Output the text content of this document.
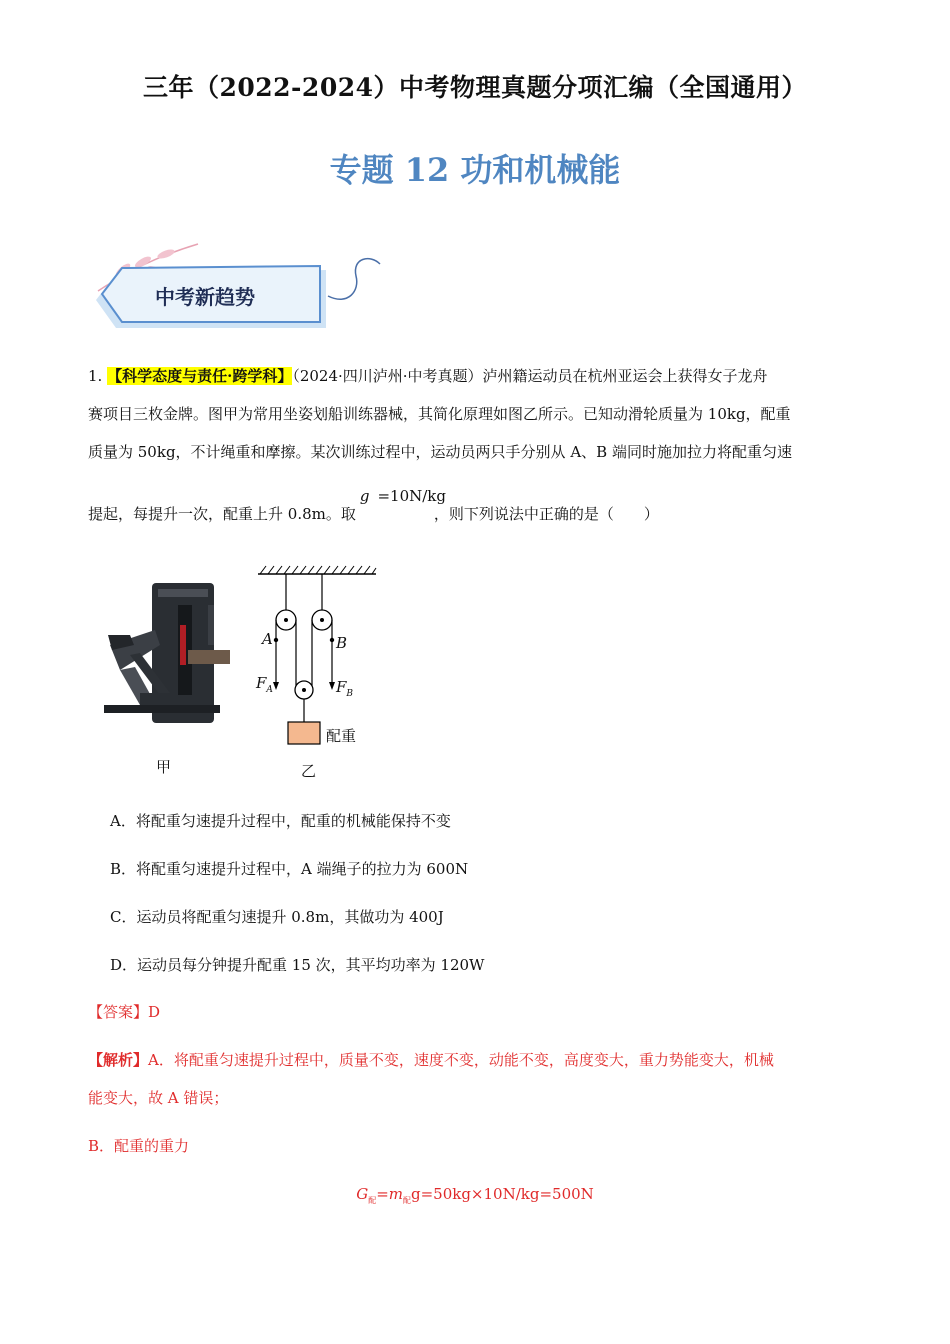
三年（2022-2024）中考物理真题分项汇编（全国通用）
专题 12 功和机械能
中考新趋势
1. 【科学态度与责任·跨学科】（2024·四川泸州·中考真题）泸州籍运动员在杭州亚运会上获得女子龙舟
赛项目三枚金牌。图甲为常用坐姿划船训练器械，其简化原理如图乙所示。已知动滑轮质量为 10kg，配重
质量为 50kg，不计绳重和摩擦。某次训练过程中，运动员两只手分别从 A、B 端同时施加拉力将配重匀速
提起，每提升一次，配重上升 0.8m。取
g =10N/kg
，则下列说法中正确的是（　　）
甲
A	B
$F_A$	$F_B$
配重
乙
A．将配重匀速提升过程中，配重的机械能保持不变
B．将配重匀速提升过程中，A 端绳子的拉力为 600N
C．运动员将配重匀速提升 0.8m，其做功为 400J
D．运动员每分钟提升配重 15 次，其平均功率为 120W
【答案】D
【解析】A．将配重匀速提升过程中，质量不变，速度不变，动能不变，高度变大，重力势能变大，机械
能变大，故 A 错误；
B．配重的重力
$G_配=m_配g=50kg\times 10N/kg=500N$
